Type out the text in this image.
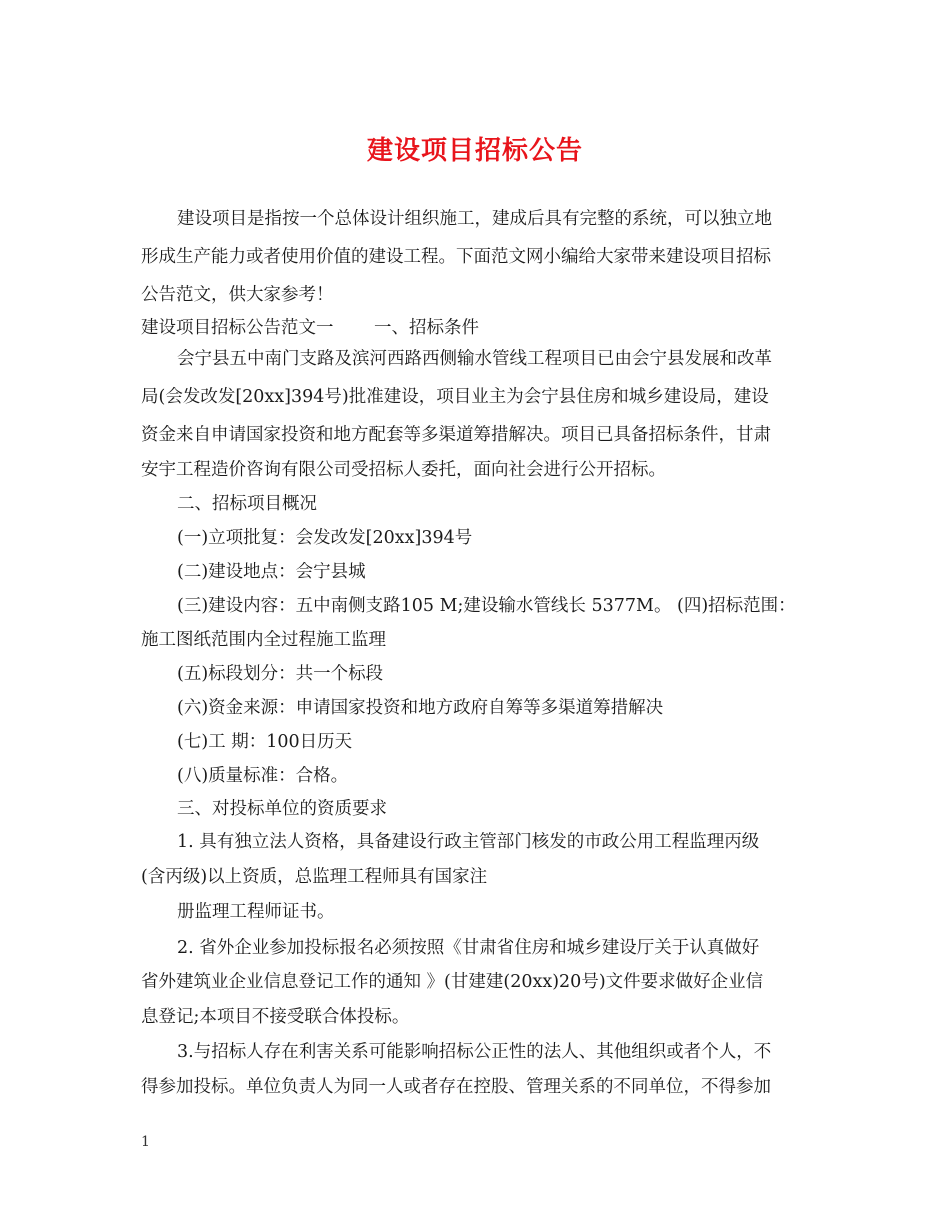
建设项目招标公告
建设项目是指按一个总体设计组织施工，建成后具有完整的系统，可以独立地
形成生产能力或者使用价值的建设工程。下面范文网小编给大家带来建设项目招标
公告范文，供大家参考！
建设项目招标公告范文一　　 一、招标条件
会宁县五中南门支路及滨河西路西侧输水管线工程项目已由会宁县发展和改革
局(会发改发[20xx]394号)批准建设，项目业主为会宁县住房和城乡建设局，建设
资金来自申请国家投资和地方配套等多渠道筹措解决。项目已具备招标条件，甘肃
安宇工程造价咨询有限公司受招标人委托，面向社会进行公开招标。
二、招标项目概况
(一)立项批复：会发改发[20xx]394号
(二)建设地点：会宁县城
(三)建设内容：五中南侧支路105 M;建设输水管线长 5377M。 (四)招标范围：
施工图纸范围内全过程施工监理
(五)标段划分：共一个标段
(六)资金来源：申请国家投资和地方政府自筹等多渠道筹措解决
(七)工 期：100日历天
(八)质量标准：合格。
三、对投标单位的资质要求
1. 具有独立法人资格，具备建设行政主管部门核发的市政公用工程监理丙级
(含丙级)以上资质，总监理工程师具有国家注
册监理工程师证书。
2. 省外企业参加投标报名必须按照《甘肃省住房和城乡建设厅关于认真做好
省外建筑业企业信息登记工作的通知 》(甘建建(20xx)20号)文件要求做好企业信
息登记;本项目不接受联合体投标。
3.与招标人存在利害关系可能影响招标公正性的法人、其他组织或者个人，不
得参加投标。单位负责人为同一人或者存在控股、管理关系的不同单位，不得参加
1
